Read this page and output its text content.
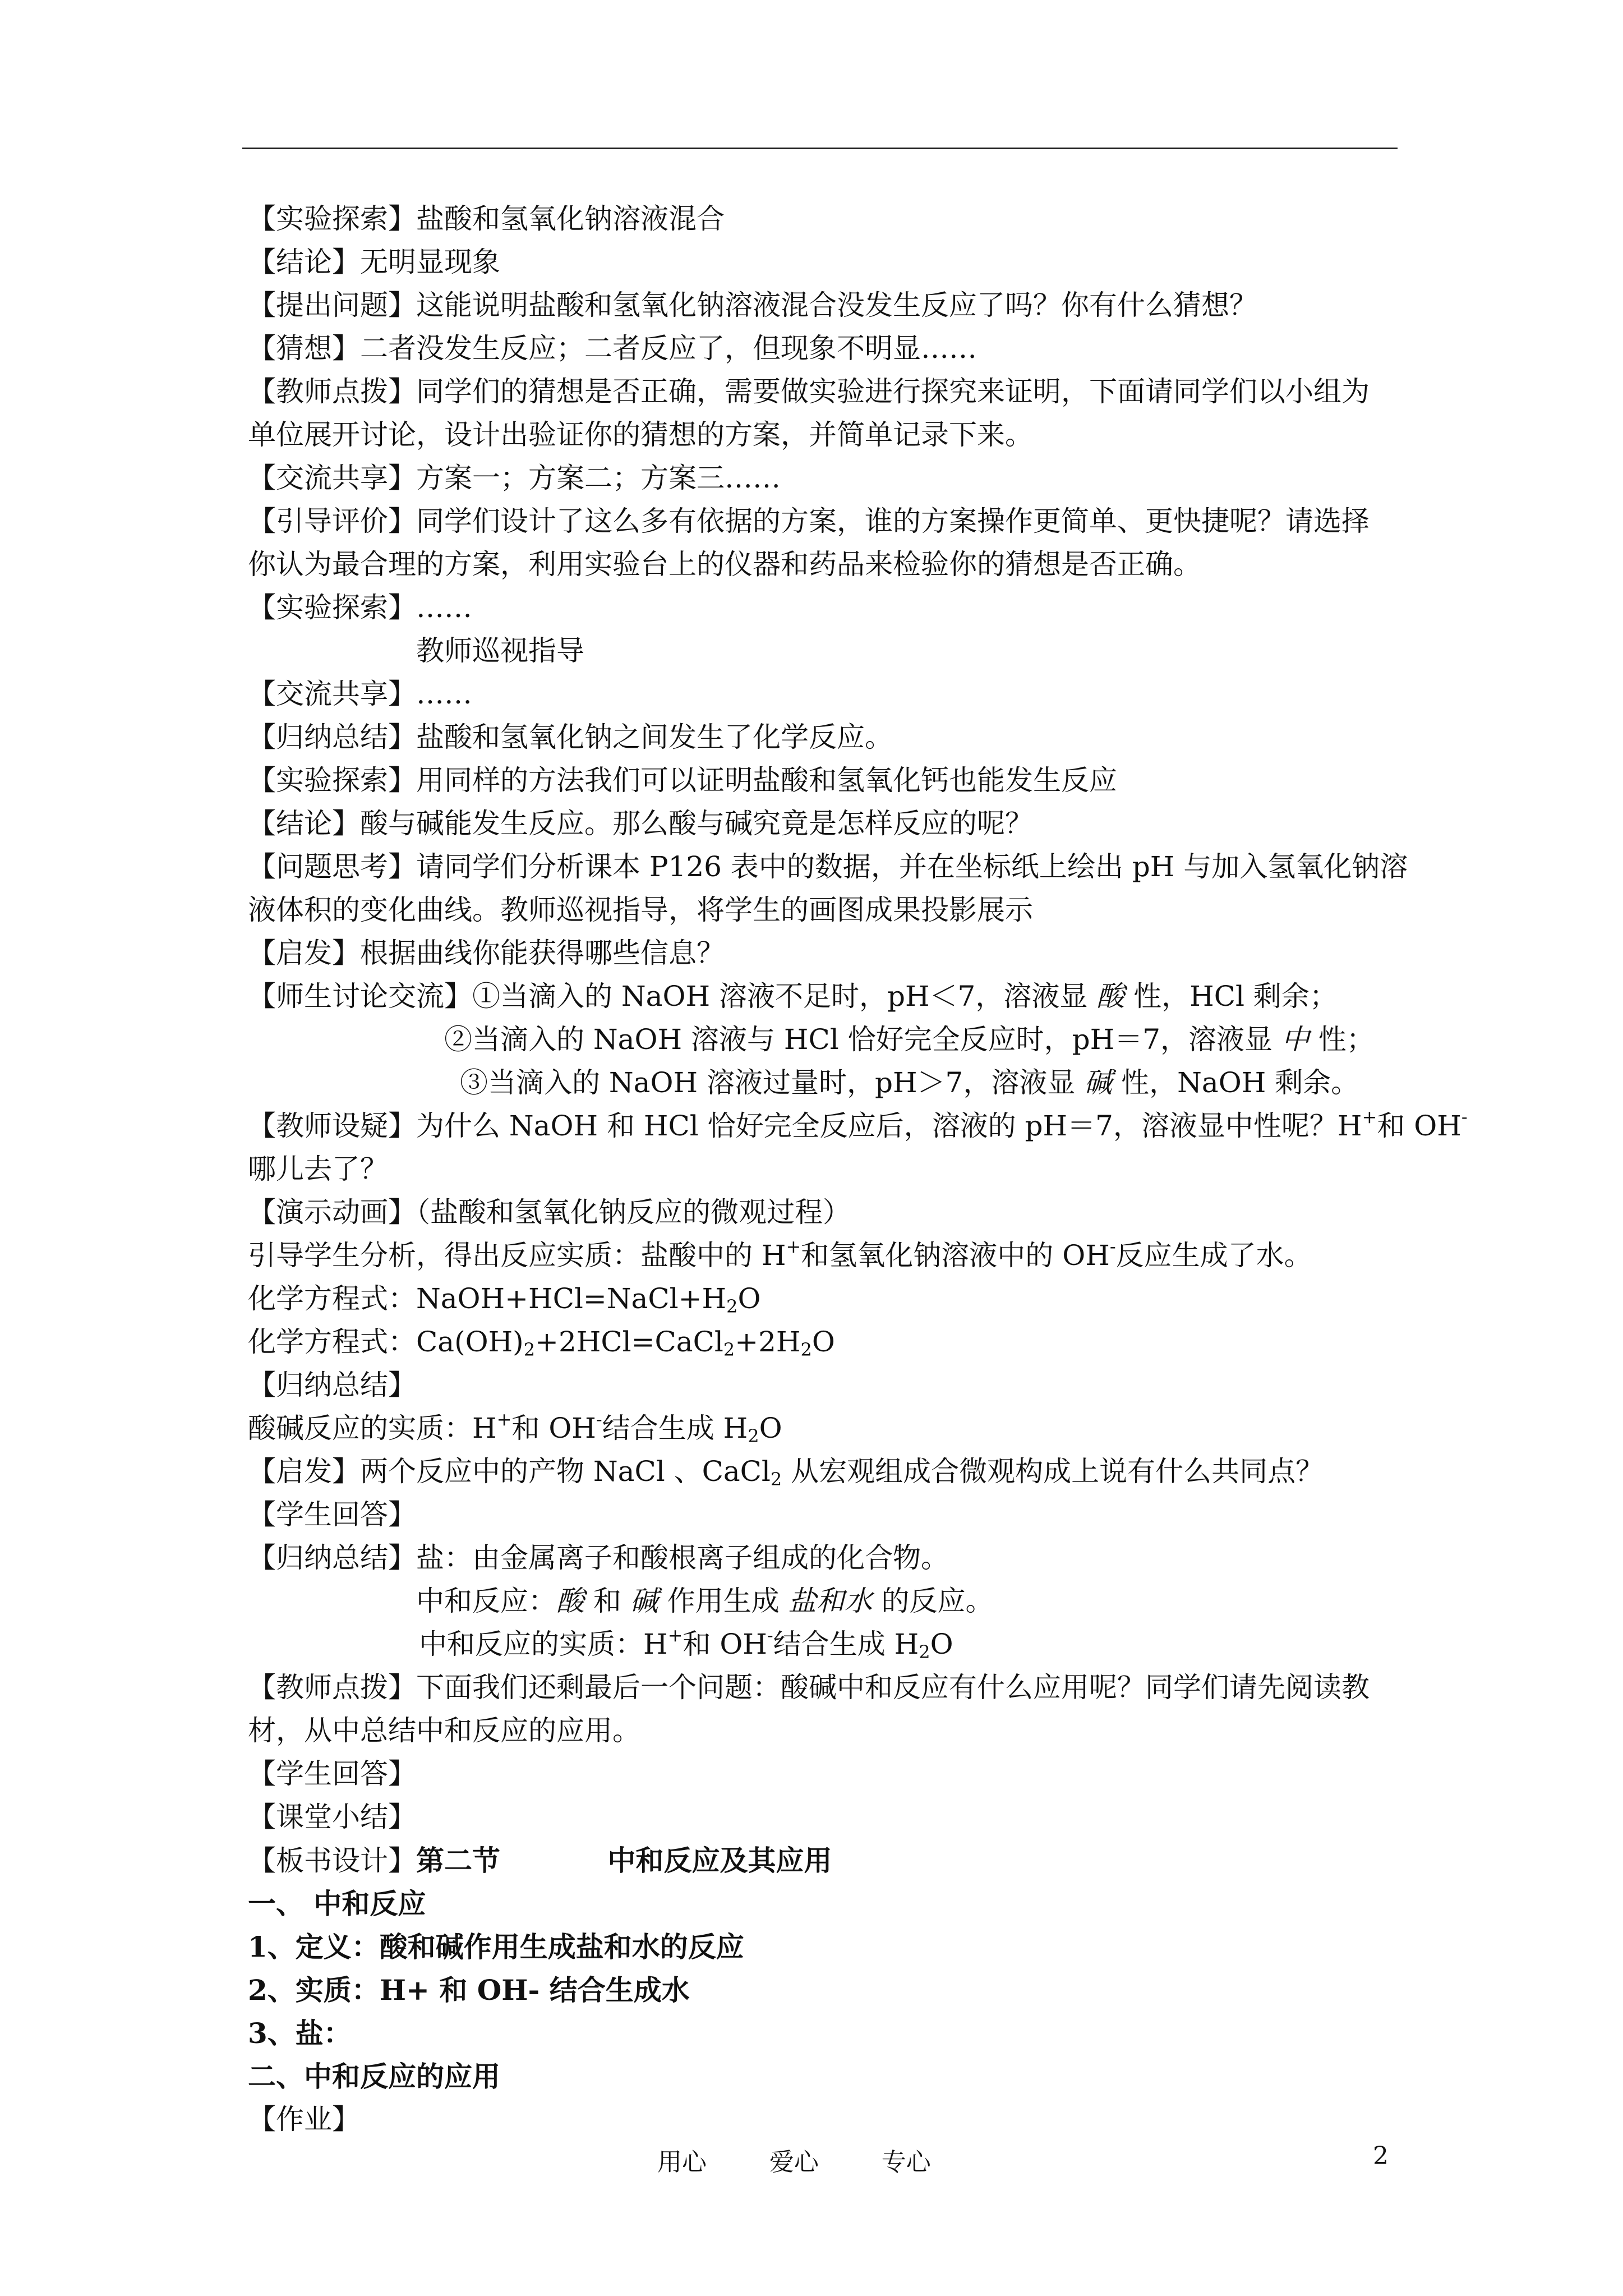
【实验探索】盐酸和氢氧化钠溶液混合
【结论】无明显现象
【提出问题】这能说明盐酸和氢氧化钠溶液混合没发生反应了吗？你有什么猜想？
【猜想】二者没发生反应；二者反应了，但现象不明显……
【教师点拨】同学们的猜想是否正确，需要做实验进行探究来证明，下面请同学们以小组为
单位展开讨论，设计出验证你的猜想的方案，并简单记录下来。
【交流共享】方案一；方案二；方案三……
【引导评价】同学们设计了这么多有依据的方案，谁的方案操作更简单、更快捷呢？请选择
你认为最合理的方案，利用实验台上的仪器和药品来检验你的猜想是否正确。
【实验探索】……
教师巡视指导
【交流共享】……
【归纳总结】盐酸和氢氧化钠之间发生了化学反应。
【实验探索】用同样的方法我们可以证明盐酸和氢氧化钙也能发生反应
【结论】酸与碱能发生反应。那么酸与碱究竟是怎样反应的呢？
【问题思考】请同学们分析课本 P126 表中的数据，并在坐标纸上绘出 pH 与加入氢氧化钠溶
液体积的变化曲线。教师巡视指导，将学生的画图成果投影展示
【启发】根据曲线你能获得哪些信息？
【师生讨论交流】①当滴入的 NaOH 溶液不足时，pH＜7，溶液显 酸 性，HCl 剩余；
②当滴入的 NaOH 溶液与 HCl 恰好完全反应时，pH＝7，溶液显 中 性；
③当滴入的 NaOH 溶液过量时，pH＞7，溶液显 碱 性，NaOH 剩余。
【教师设疑】为什么 NaOH 和 HCl 恰好完全反应后，溶液的 pH＝7，溶液显中性呢？H+和 OH-
哪儿去了？
【演示动画】（盐酸和氢氧化钠反应的微观过程）
引导学生分析，得出反应实质：盐酸中的 H+和氢氧化钠溶液中的 OH-反应生成了水。
化学方程式：$NaOH+HCl=NaCl+H_2O$
化学方程式：$Ca(OH)_2+2HCl=CaCl_2+2H_2O$
【归纳总结】
酸碱反应的实质：H+和 OH-结合生成 $H_2O$
【启发】两个反应中的产物 NaCl 、CaCl$_2$ 从宏观组成合微观构成上说有什么共同点？
【学生回答】
【归纳总结】盐：由金属离子和酸根离子组成的化合物。
中和反应：酸 和 碱 作用生成 盐和水 的反应。
中和反应的实质：H+和 OH-结合生成 $H_2O$
【教师点拨】下面我们还剩最后一个问题：酸碱中和反应有什么应用呢？同学们请先阅读教
材，从中总结中和反应的应用。
【学生回答】
【课堂小结】
【板书设计】第二节           中和反应及其应用
一、 中和反应
1、定义：酸和碱作用生成盐和水的反应
2、实质：H+ 和 OH- 结合生成水
3、盐：
二、中和反应的应用
【作业】
用心        爱心        专心	2
